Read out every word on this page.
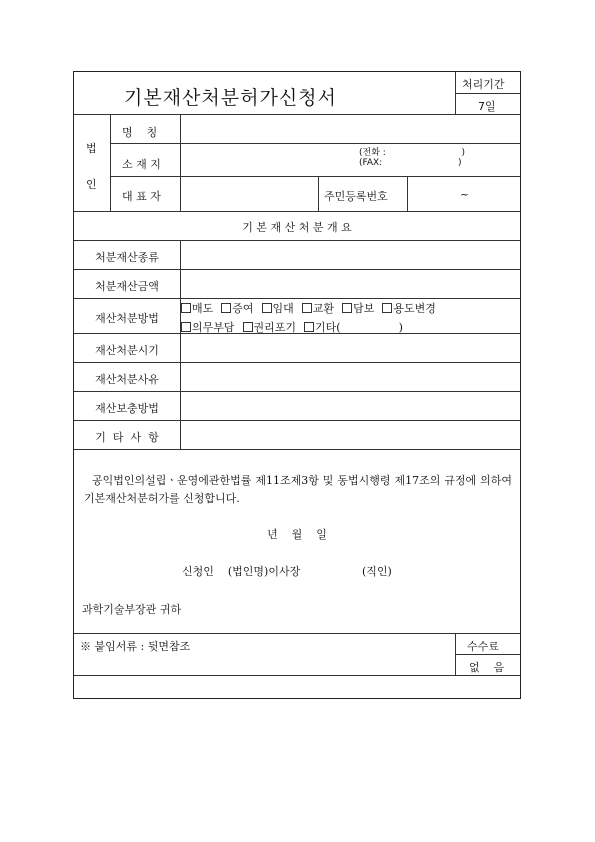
기본재산처분허가신청서
처리기간
7일
법
인
명    칭
소 재 지
(전화 :	)
(FAX:	)
대 표 자	주민등록번호	~
기 본 재 산 처 분 개 요
처분재산종류
처분재산금액
재산처분방법
매도 증여 임대 교환 담보 용도변경
의무부담 권리포기 기타(	)
재산처분시기
재산처분사유
재산보충방법
기  타  사  항
공익법인의설립ㆍ운영에관한법률 제11조제3항 및 동법시행령 제17조의 규정에 의하여 기본재산처분허가를 신청합니다.
년    월    일
신청인    (법인명)이사장	(직인)
과학기술부장관 귀하
※ 붙임서류 : 뒷면참조	수수료
없    음
